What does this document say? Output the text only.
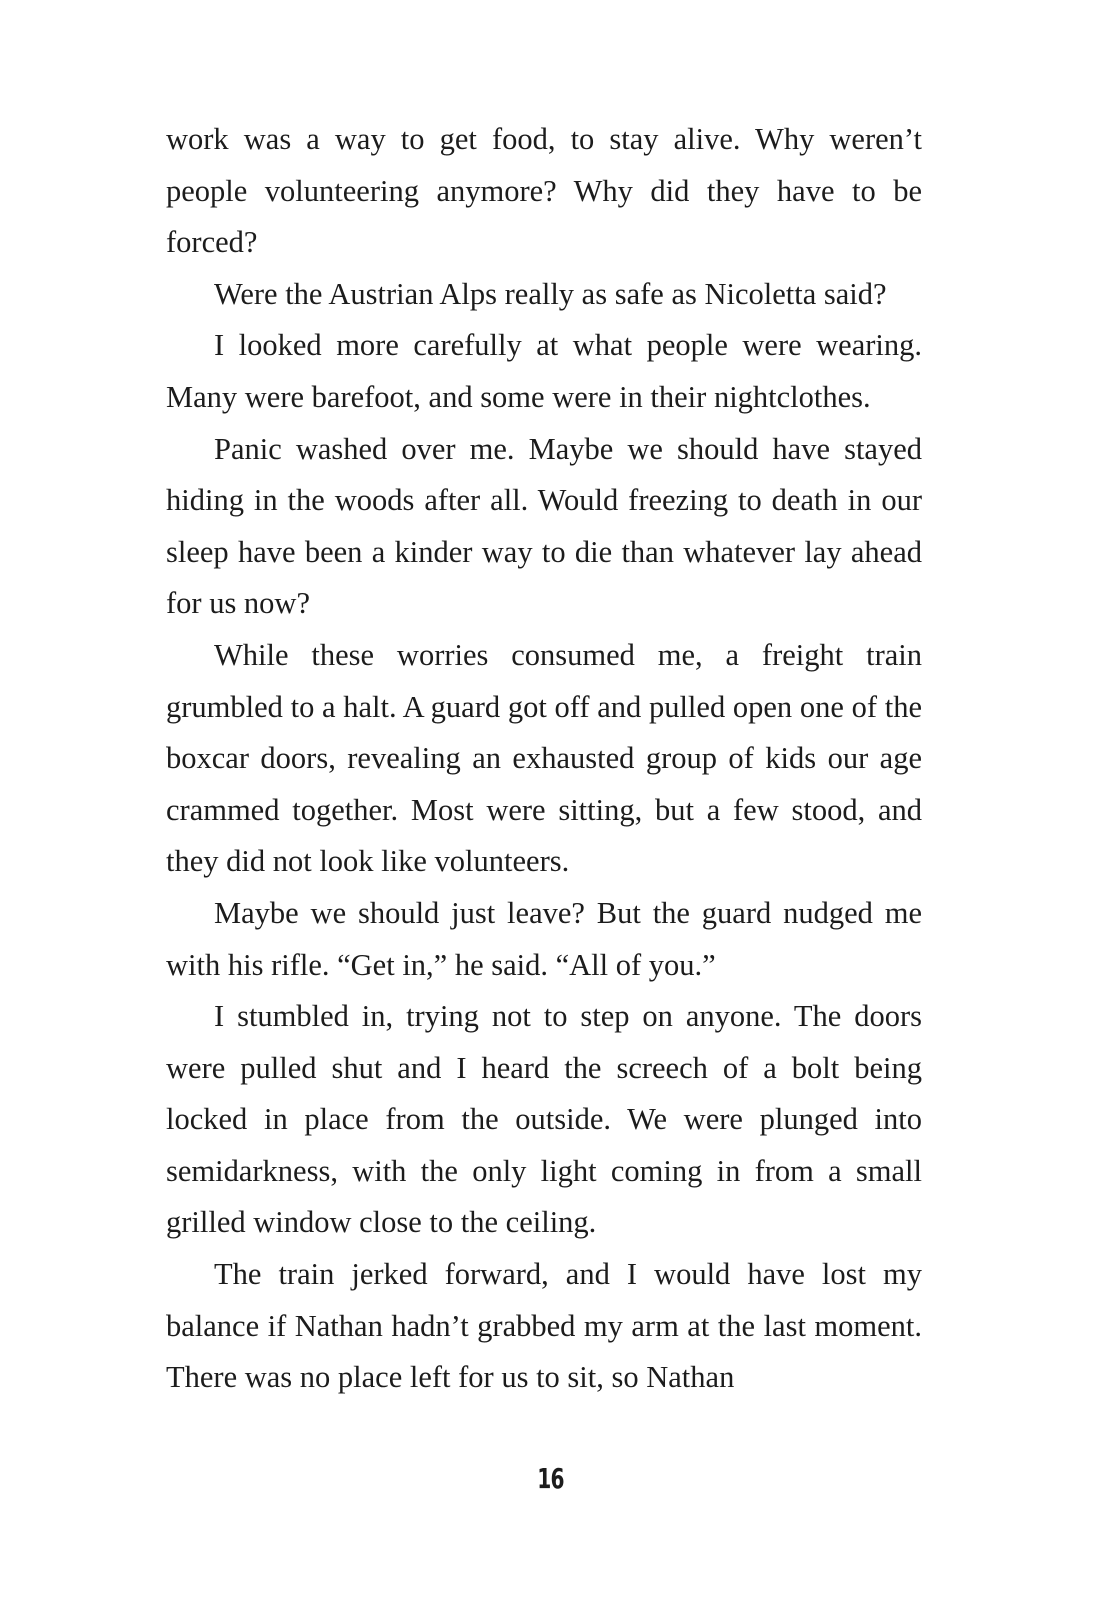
work was a way to get food, to stay alive. Why weren’t people volunteering anymore? Why did they have to be forced?

Were the Austrian Alps really as safe as Nicoletta said?

I looked more carefully at what people were wearing. Many were barefoot, and some were in their nightclothes.

Panic washed over me. Maybe we should have stayed hiding in the woods after all. Would freezing to death in our sleep have been a kinder way to die than whatever lay ahead for us now?

While these worries consumed me, a freight train grumbled to a halt. A guard got off and pulled open one of the boxcar doors, revealing an exhausted group of kids our age crammed together. Most were sitting, but a few stood, and they did not look like volunteers.

Maybe we should just leave? But the guard nudged me with his rifle. “Get in,” he said. “All of you.”

I stumbled in, trying not to step on anyone. The doors were pulled shut and I heard the screech of a bolt being locked in place from the outside. We were plunged into semidarkness, with the only light coming in from a small grilled window close to the ceiling.

The train jerked forward, and I would have lost my balance if Nathan hadn’t grabbed my arm at the last moment. There was no place left for us to sit, so Nathan

16
